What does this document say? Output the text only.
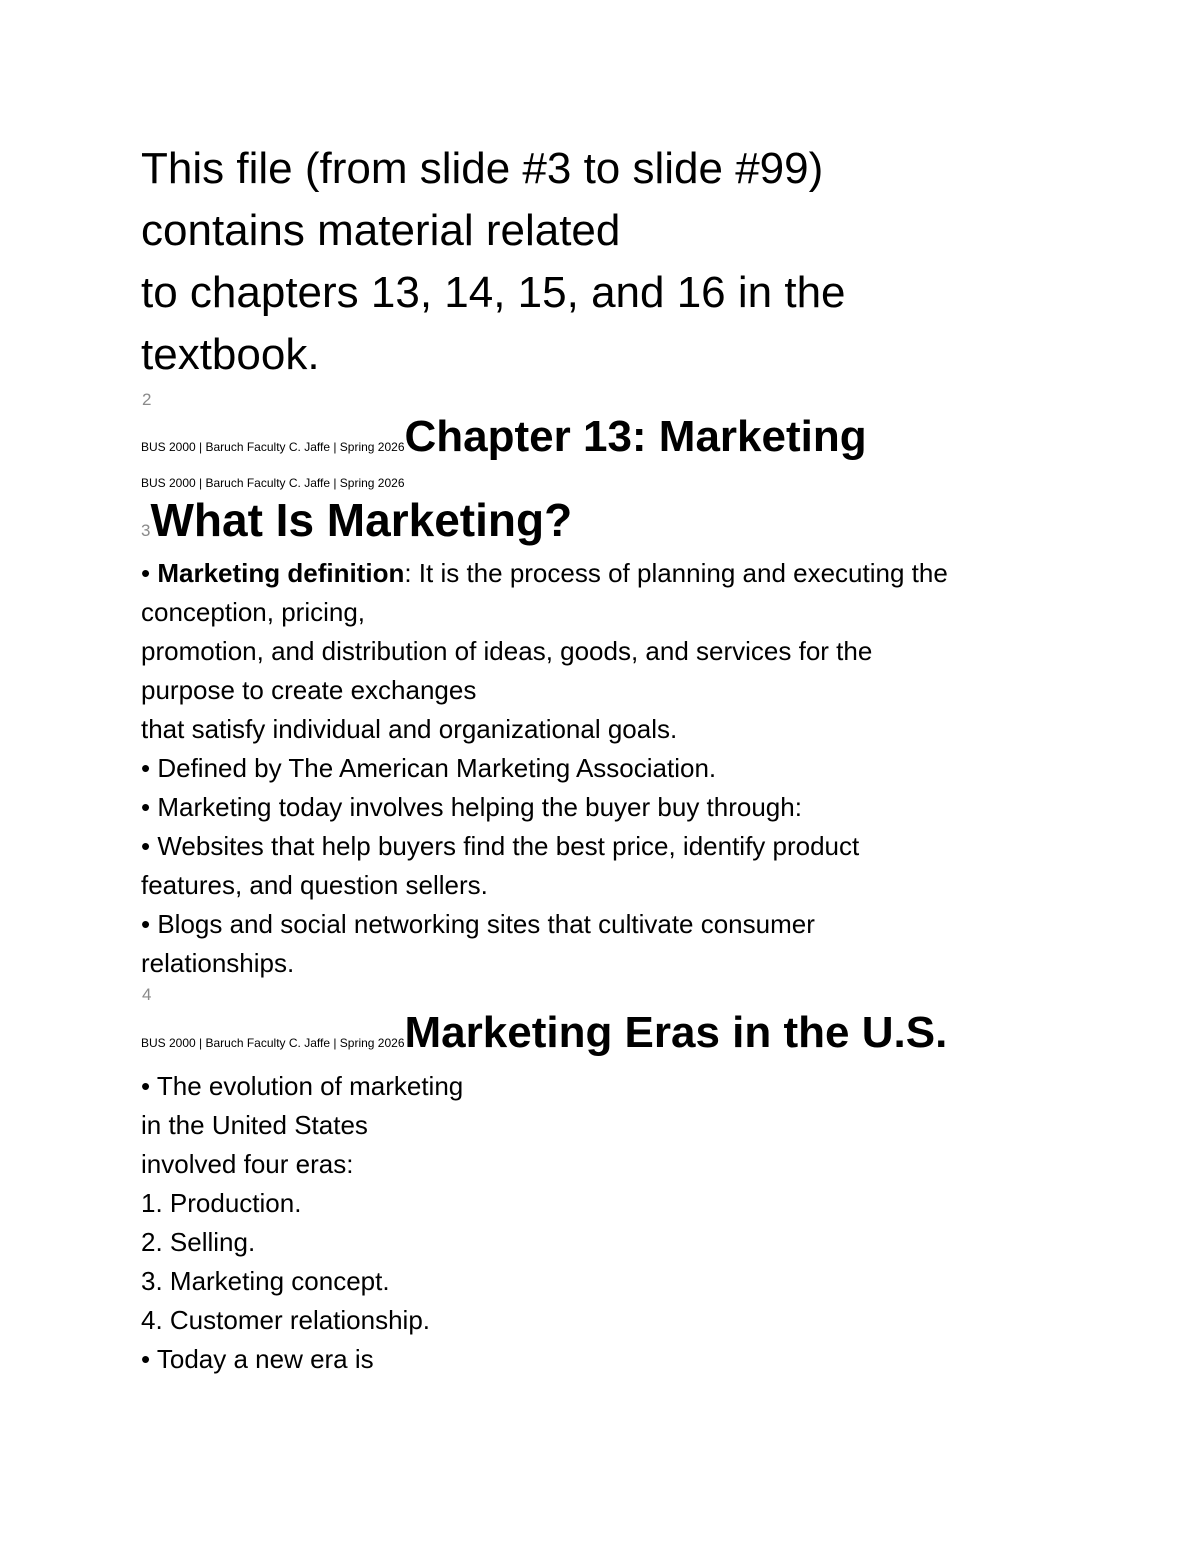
This file (from slide #3 to slide #99)
contains material related
to chapters 13, 14, 15, and 16 in the
textbook.
2
BUS 2000 | Baruch Faculty C. Jaffe | Spring 2026Chapter 13: Marketing
BUS 2000 | Baruch Faculty C. Jaffe | Spring 2026
3What Is Marketing?
• Marketing definition: It is the process of planning and executing the
conception, pricing,
promotion, and distribution of ideas, goods, and services for the
purpose to create exchanges
that satisfy individual and organizational goals.
• Defined by The American Marketing Association.
• Marketing today involves helping the buyer buy through:
• Websites that help buyers find the best price, identify product
features, and question sellers.
• Blogs and social networking sites that cultivate consumer
relationships.
4
BUS 2000 | Baruch Faculty C. Jaffe | Spring 2026Marketing Eras in the U.S.
• The evolution of marketing
in the United States
involved four eras:
1. Production.
2. Selling.
3. Marketing concept.
4. Customer relationship.
• Today a new era is
